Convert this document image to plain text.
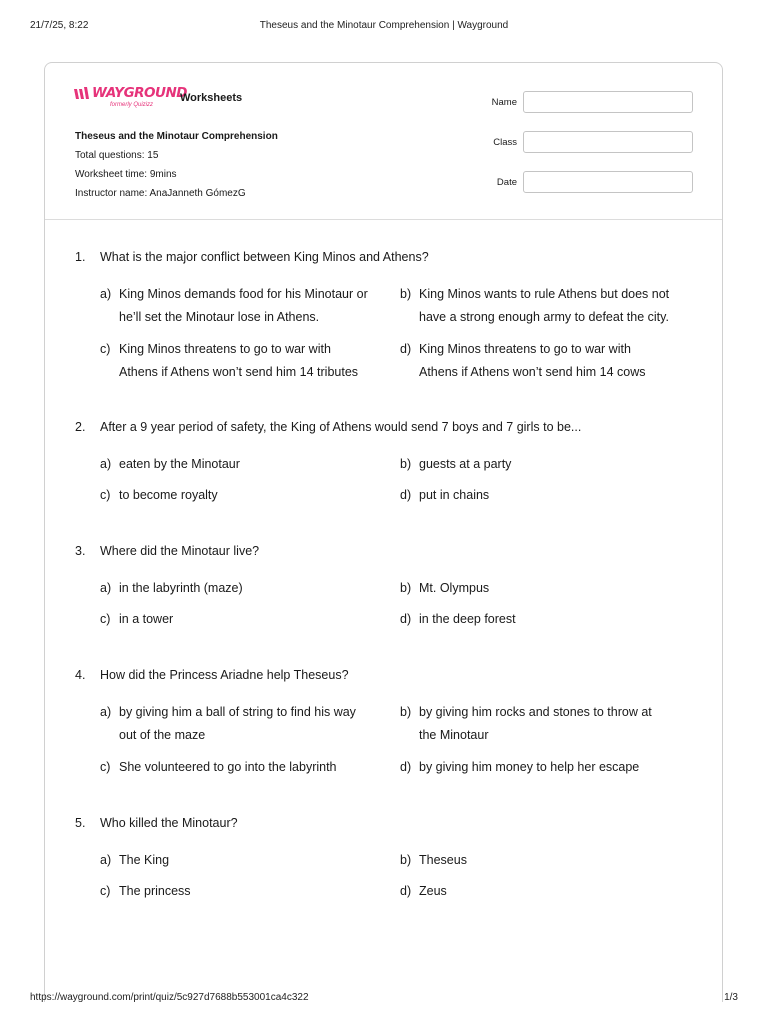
21/7/25, 8:22	Theseus and the Minotaur Comprehension | Wayground
WAYGROUND
formerly Quizizz
Worksheets
Theseus and the Minotaur Comprehension
Total questions: 15
Worksheet time: 9mins
Instructor name: AnaJanneth GómezG
Name
Class
Date
1. What is the major conflict between King Minos and Athens?
a) King Minos demands food for his Minotaur or he’ll set the Minotaur lose in Athens.
b) King Minos wants to rule Athens but does not have a strong enough army to defeat the city.
c) King Minos threatens to go to war with Athens if Athens won’t send him 14 tributes
d) King Minos threatens to go to war with Athens if Athens won’t send him 14 cows
2. After a 9 year period of safety, the King of Athens would send 7 boys and 7 girls to be...
a) eaten by the Minotaur	b) guests at a party
c) to become royalty	d) put in chains
3. Where did the Minotaur live?
a) in the labyrinth (maze)	b) Mt. Olympus
c) in a tower	d) in the deep forest
4. How did the Princess Ariadne help Theseus?
a) by giving him a ball of string to find his way out of the maze
b) by giving him rocks and stones to throw at the Minotaur
c) She volunteered to go into the labyrinth	d) by giving him money to help her escape
5. Who killed the Minotaur?
a) The King	b) Theseus
c) The princess	d) Zeus
https://wayground.com/print/quiz/5c927d7688b553001ca4c322	1/3
